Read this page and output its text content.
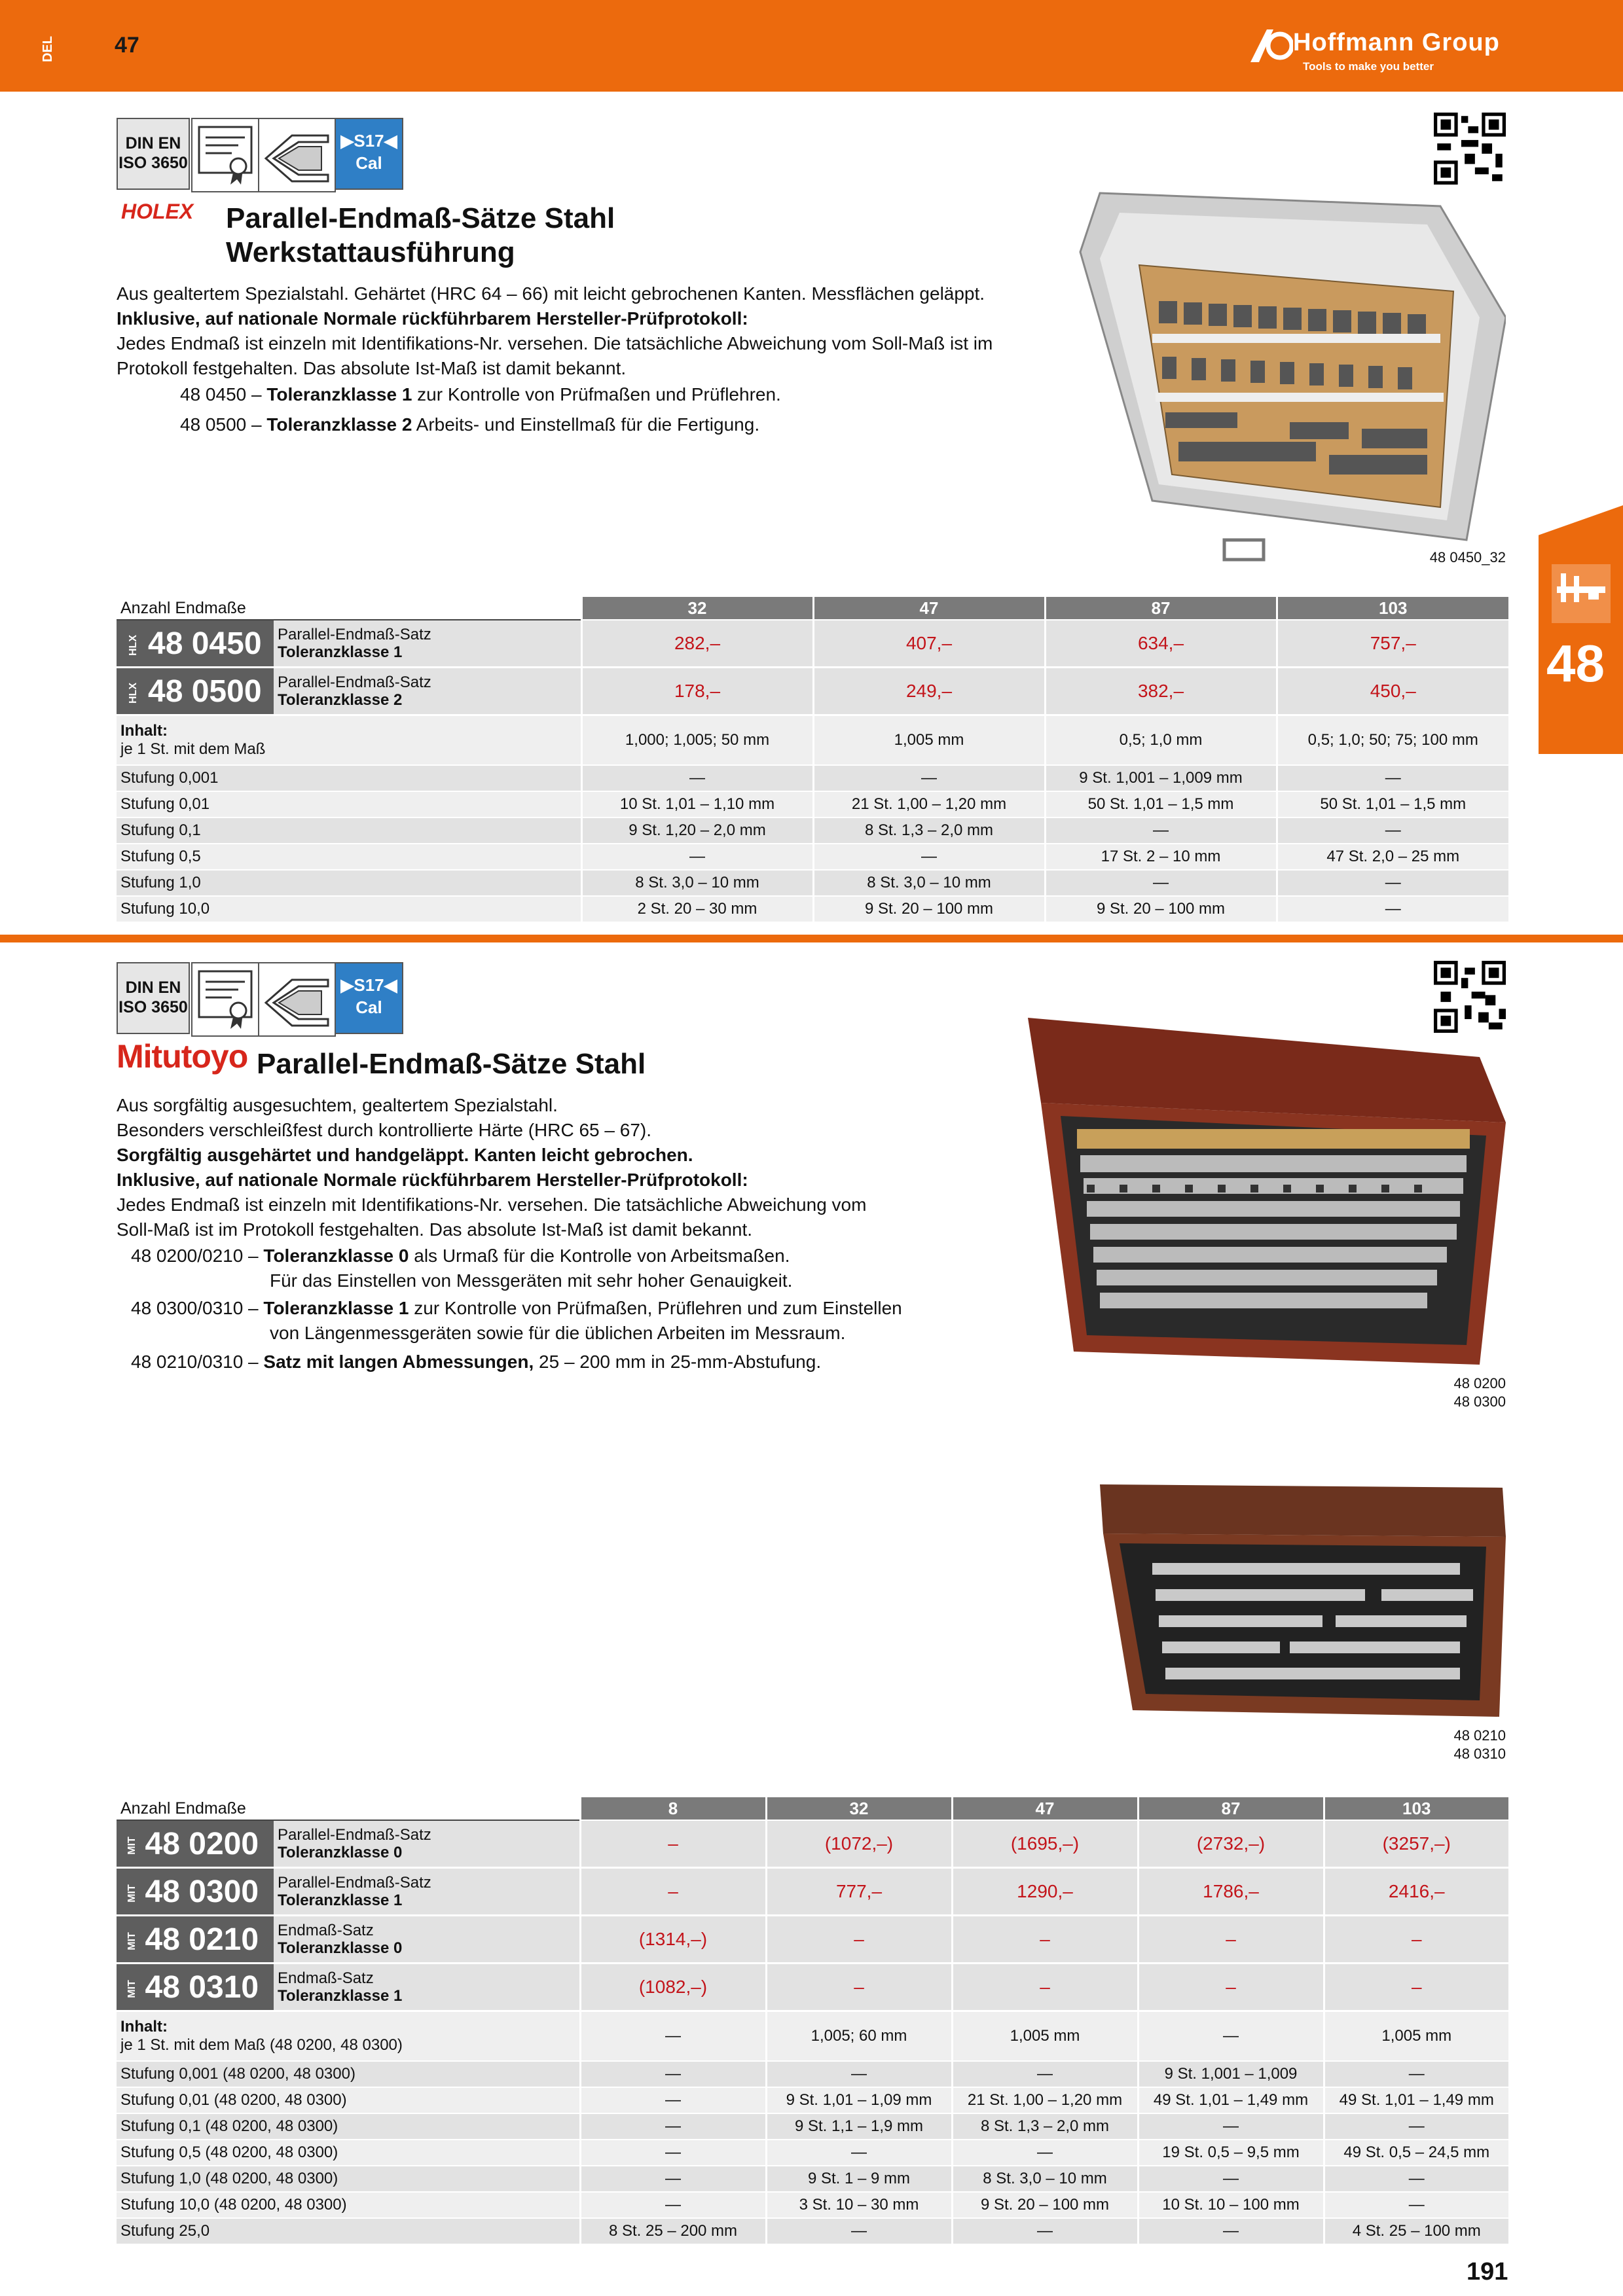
DEL	47	Hoffmann Group
Tools to make you better
48
DIN EN
ISO 3650
▶S17◀
Cal
HOLEX Parallel-Endmaß-Sätze Stahl
Werkstattausführung
Aus gealtertem Spezialstahl. Gehärtet (HRC 64 – 66) mit leicht gebrochenen Kanten. Messflächen geläppt.
Inklusive, auf nationale Normale rückführbarem Hersteller-Prüfprotokoll:
Jedes Endmaß ist einzeln mit Identifikations-Nr. versehen. Die tatsächliche Abweichung vom Soll-Maß ist im
Protokoll festgehalten. Das absolute Ist-Maß ist damit bekannt.
48 0450 – Toleranzklasse 1 zur Kontrolle von Prüfmaßen und Prüflehren.
48 0500 – Toleranzklasse 2 Arbeits- und Einstellmaß für die Fertigung.
48 0450_32
Anzahl Endmaße		32	47	87	103
HLX 48 0450	Parallel-Endmaß-Satz
Toleranzklasse 1	282,–	407,–	634,–	757,–
HLX 48 0500	Parallel-Endmaß-Satz
Toleranzklasse 2	178,–	249,–	382,–	450,–
Inhalt:
je 1 St. mit dem Maß		1,000; 1,005; 50 mm	1,005 mm	0,5; 1,0 mm	0,5; 1,0; 50; 75; 100 mm
Stufung 0,001		—	—	9 St. 1,001 – 1,009 mm	—
Stufung 0,01		10 St. 1,01 – 1,10 mm	21 St. 1,00 – 1,20 mm	50 St. 1,01 – 1,5 mm	50 St. 1,01 – 1,5 mm
Stufung 0,1		9 St. 1,20 – 2,0 mm	8 St. 1,3 – 2,0 mm	—	—
Stufung 0,5		—	—	17 St. 2 – 10 mm	47 St. 2,0 – 25 mm
Stufung 1,0		8 St. 3,0 – 10 mm	8 St. 3,0 – 10 mm	—	—
Stufung 10,0		2 St. 20 – 30 mm	9 St. 20 – 100 mm	9 St. 20 – 100 mm	—
DIN EN
ISO 3650
▶S17◀
Cal
Mitutoyo Parallel-Endmaß-Sätze Stahl
Aus sorgfältig ausgesuchtem, gealtertem Spezialstahl.
Besonders verschleißfest durch kontrollierte Härte (HRC 65 – 67).
Sorgfältig ausgehärtet und handgeläppt. Kanten leicht gebrochen.
Inklusive, auf nationale Normale rückführbarem Hersteller-Prüfprotokoll:
Jedes Endmaß ist einzeln mit Identifikations-Nr. versehen. Die tatsächliche Abweichung vom
Soll-Maß ist im Protokoll festgehalten. Das absolute Ist-Maß ist damit bekannt.
48 0200/0210 – Toleranzklasse 0 als Urmaß für die Kontrolle von Arbeitsmaßen.
Für das Einstellen von Messgeräten mit sehr hoher Genauigkeit.
48 0300/0310 – Toleranzklasse 1 zur Kontrolle von Prüfmaßen, Prüflehren und zum Einstellen
von Längenmessgeräten sowie für die üblichen Arbeiten im Messraum.
48 0210/0310 – Satz mit langen Abmessungen, 25 – 200 mm in 25-mm-Abstufung.
48 0200
48 0300
48 0210
48 0310
Anzahl Endmaße		8	32	47	87	103
MIT 48 0200	Parallel-Endmaß-Satz
Toleranzklasse 0	–	(1072,–)	(1695,–)	(2732,–)	(3257,–)
MIT 48 0300	Parallel-Endmaß-Satz
Toleranzklasse 1	–	777,–	1290,–	1786,–	2416,–
MIT 48 0210	Endmaß-Satz
Toleranzklasse 0	(1314,–)	–	–	–	–
MIT 48 0310	Endmaß-Satz
Toleranzklasse 1	(1082,–)	–	–	–	–
Inhalt:
je 1 St. mit dem Maß (48 0200, 48 0300)		—	1,005; 60 mm	1,005 mm	—	1,005 mm
Stufung 0,001 (48 0200, 48 0300)		—	—	—	9 St. 1,001 – 1,009	—
Stufung 0,01 (48 0200, 48 0300)		—	9 St. 1,01 – 1,09 mm	21 St. 1,00 – 1,20 mm	49 St. 1,01 – 1,49 mm	49 St. 1,01 – 1,49 mm
Stufung 0,1 (48 0200, 48 0300)		—	9 St. 1,1 – 1,9 mm	8 St. 1,3 – 2,0 mm	—	—
Stufung 0,5 (48 0200, 48 0300)		—	—	—	19 St. 0,5 – 9,5 mm	49 St. 0,5 – 24,5 mm
Stufung 1,0 (48 0200, 48 0300)		—	9 St. 1 – 9 mm	8 St. 3,0 – 10 mm	—	—
Stufung 10,0 (48 0200, 48 0300)		—	3 St. 10 – 30 mm	9 St. 20 – 100 mm	10 St. 10 – 100 mm	—
Stufung 25,0		8 St. 25 – 200 mm	—	—	—	4 St. 25 – 100 mm
191
